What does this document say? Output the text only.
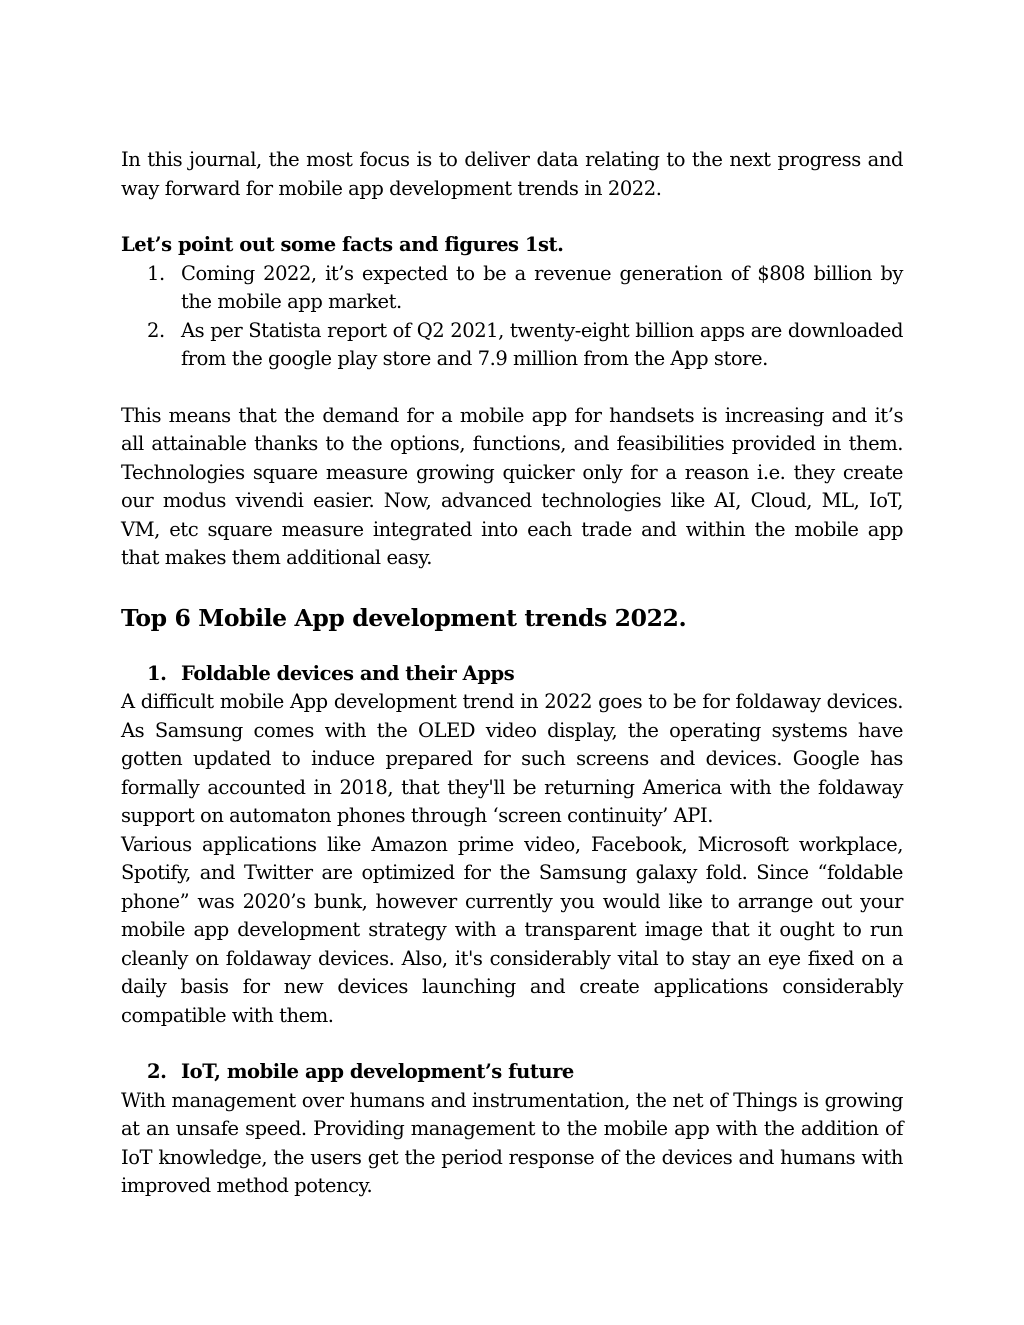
In this journal, the most focus is to deliver data relating to the next progress and way forward for mobile app development trends in 2022.

Let’s point out some facts and figures 1st.

1. Coming 2022, it’s expected to be a revenue generation of $808 billion by the mobile app market.
2. As per Statista report of Q2 2021, twenty-eight billion apps are downloaded from the google play store and 7.9 million from the App store.

This means that the demand for a mobile app for handsets is increasing and it’s all attainable thanks to the options, functions, and feasibilities provided in them. Technologies square measure growing quicker only for a reason i.e. they create our modus vivendi easier. Now, advanced technologies like AI, Cloud, ML, IoT, VM, etc square measure integrated into each trade and within the mobile app that makes them additional easy.

Top 6 Mobile App development trends 2022.
1. Foldable devices and their Apps

A difficult mobile App development trend in 2022 goes to be for foldaway devices. As Samsung comes with the OLED video display, the operating systems have gotten updated to induce prepared for such screens and devices. Google has formally accounted in 2018, that they'll be returning America with the foldaway support on automaton phones through ‘screen continuity’ API.

Various applications like Amazon prime video, Facebook, Microsoft workplace, Spotify, and Twitter are optimized for the Samsung galaxy fold. Since “foldable phone” was 2020’s bunk, however currently you would like to arrange out your mobile app development strategy with a transparent image that it ought to run cleanly on foldaway devices. Also, it's considerably vital to stay an eye fixed on a daily basis for new devices launching and create applications considerably compatible with them.

2. IoT, mobile app development’s future

With management over humans and instrumentation, the net of Things is growing at an unsafe speed. Providing management to the mobile app with the addition of IoT knowledge, the users get the period response of the devices and humans with improved method potency.
